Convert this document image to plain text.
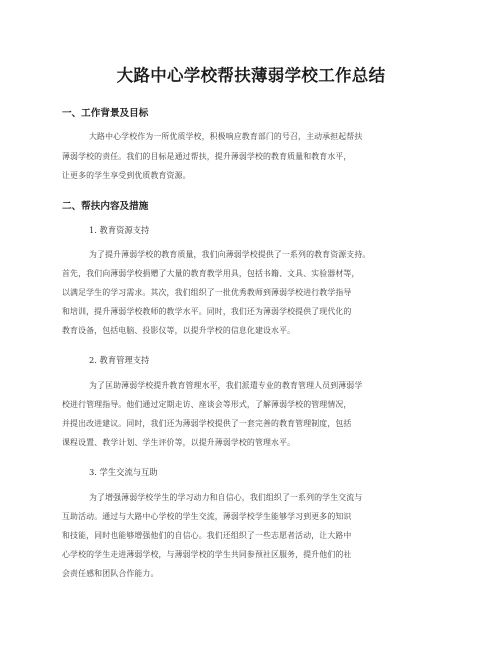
大路中心学校帮扶薄弱学校工作总结
一、工作背景及目标
大路中心学校作为一所优质学校，积极响应教育部门的号召，主动承担起帮扶
薄弱学校的责任。我们的目标是通过帮扶，提升薄弱学校的教育质量和教育水平，
让更多的学生享受到优质教育资源。
二、帮扶内容及措施
1. 教育资源支持
为了提升薄弱学校的教育质量，我们向薄弱学校提供了一系列的教育资源支持。
首先，我们向薄弱学校捐赠了大量的教育教学用具，包括书籍、文具、实验器材等，
以满足学生的学习需求。其次，我们组织了一批优秀教师到薄弱学校进行教学指导
和培训，提升薄弱学校教师的教学水平。同时，我们还为薄弱学校提供了现代化的
教育设备，包括电脑、投影仪等，以提升学校的信息化建设水平。
2. 教育管理支持
为了匡助薄弱学校提升教育管理水平，我们派遣专业的教育管理人员到薄弱学
校进行管理指导。他们通过定期走访、座谈会等形式，了解薄弱学校的管理情况，
并提出改进建议。同时，我们还为薄弱学校提供了一套完善的教育管理制度，包括
课程设置、教学计划、学生评价等，以提升薄弱学校的管理水平。
3. 学生交流与互助
为了增强薄弱学校学生的学习动力和自信心，我们组织了一系列的学生交流与
互助活动。通过与大路中心学校的学生交流，薄弱学校学生能够学习到更多的知识
和技能，同时也能够增强他们的自信心。我们还组织了一些志愿者活动，让大路中
心学校的学生走进薄弱学校，与薄弱学校的学生共同参预社区服务，提升他们的社
会责任感和团队合作能力。
